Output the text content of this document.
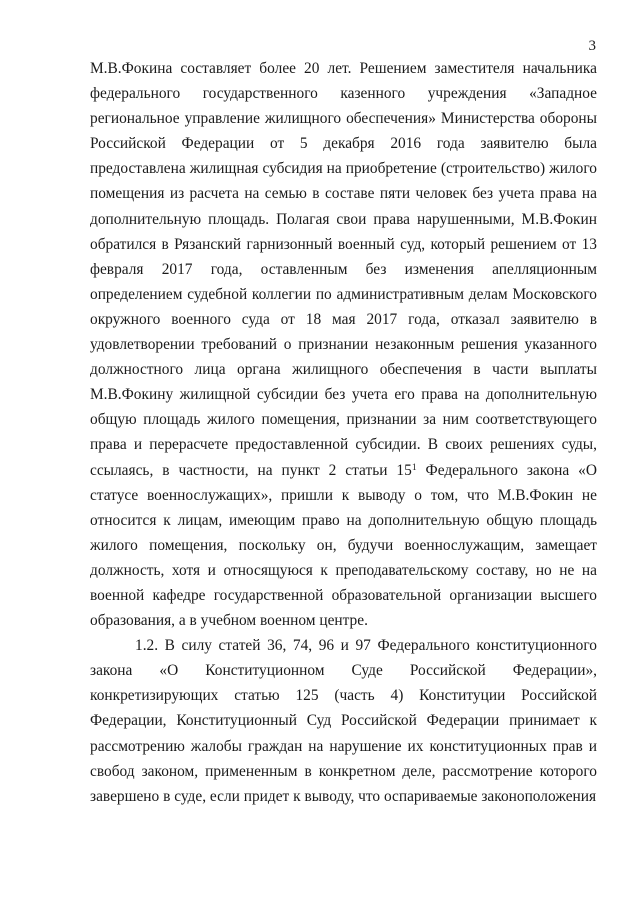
3

М.В.Фокина составляет более 20 лет. Решением заместителя начальника федерального государственного казенного учреждения «Западное региональное управление жилищного обеспечения» Министерства обороны Российской Федерации от 5 декабря 2016 года заявителю была предоставлена жилищная субсидия на приобретение (строительство) жилого помещения из расчета на семью в составе пяти человек без учета права на дополнительную площадь. Полагая свои права нарушенными, М.В.Фокин обратился в Рязанский гарнизонный военный суд, который решением от 13 февраля 2017 года, оставленным без изменения апелляционным определением судебной коллегии по административным делам Московского окружного военного суда от 18 мая 2017 года, отказал заявителю в удовлетворении требований о признании незаконным решения указанного должностного лица органа жилищного обеспечения в части выплаты М.В.Фокину жилищной субсидии без учета его права на дополнительную общую площадь жилого помещения, признании за ним соответствующего права и перерасчете предоставленной субсидии. В своих решениях суды, ссылаясь, в частности, на пункт 2 статьи $15^1$ Федерального закона «О статусе военнослужащих», пришли к выводу о том, что М.В.Фокин не относится к лицам, имеющим право на дополнительную общую площадь жилого помещения, поскольку он, будучи военнослужащим, замещает должность, хотя и относящуюся к преподавательскому составу, но не на военной кафедре государственной образовательной организации высшего образования, а в учебном военном центре.

1.2. В силу статей 36, 74, 96 и 97 Федерального конституционного закона «О Конституционном Суде Российской Федерации», конкретизирующих статью 125 (часть 4) Конституции Российской Федерации, Конституционный Суд Российской Федерации принимает к рассмотрению жалобы граждан на нарушение их конституционных прав и свобод законом, примененным в конкретном деле, рассмотрение которого завершено в суде, если придет к выводу, что оспариваемые законоположения
